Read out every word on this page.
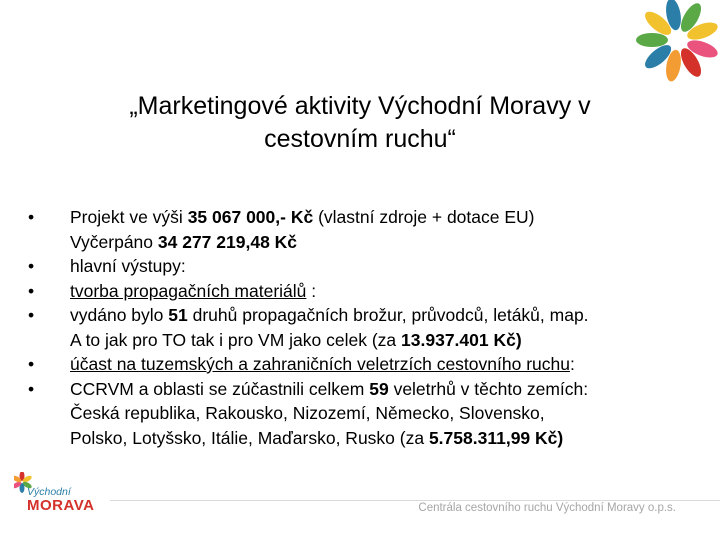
„Marketingové aktivity Východní Moravy v
cestovním ruchu“
• Projekt ve výši 35 067 000,- Kč (vlastní zdroje + dotace EU)
Vyčerpáno 34 277 219,48 Kč
• hlavní výstupy:
• tvorba propagačních materiálů :
• vydáno bylo 51 druhů propagačních brožur, průvodců, letáků, map.
A to jak pro TO tak i pro VM jako celek (za 13.937.401 Kč)
• účast na tuzemských a zahraničních veletrzích cestovního ruchu:
• CCRVM a oblasti se zúčastnili celkem 59 veletrhů v těchto zemích:
Česká republika, Rakousko, Nizozemí, Německo, Slovensko,
Polsko, Lotyšsko, Itálie, Maďarsko, Rusko (za 5.758.311,99 Kč)
Východní
MORAVA	Centrála cestovního ruchu Východní Moravy o.p.s.
